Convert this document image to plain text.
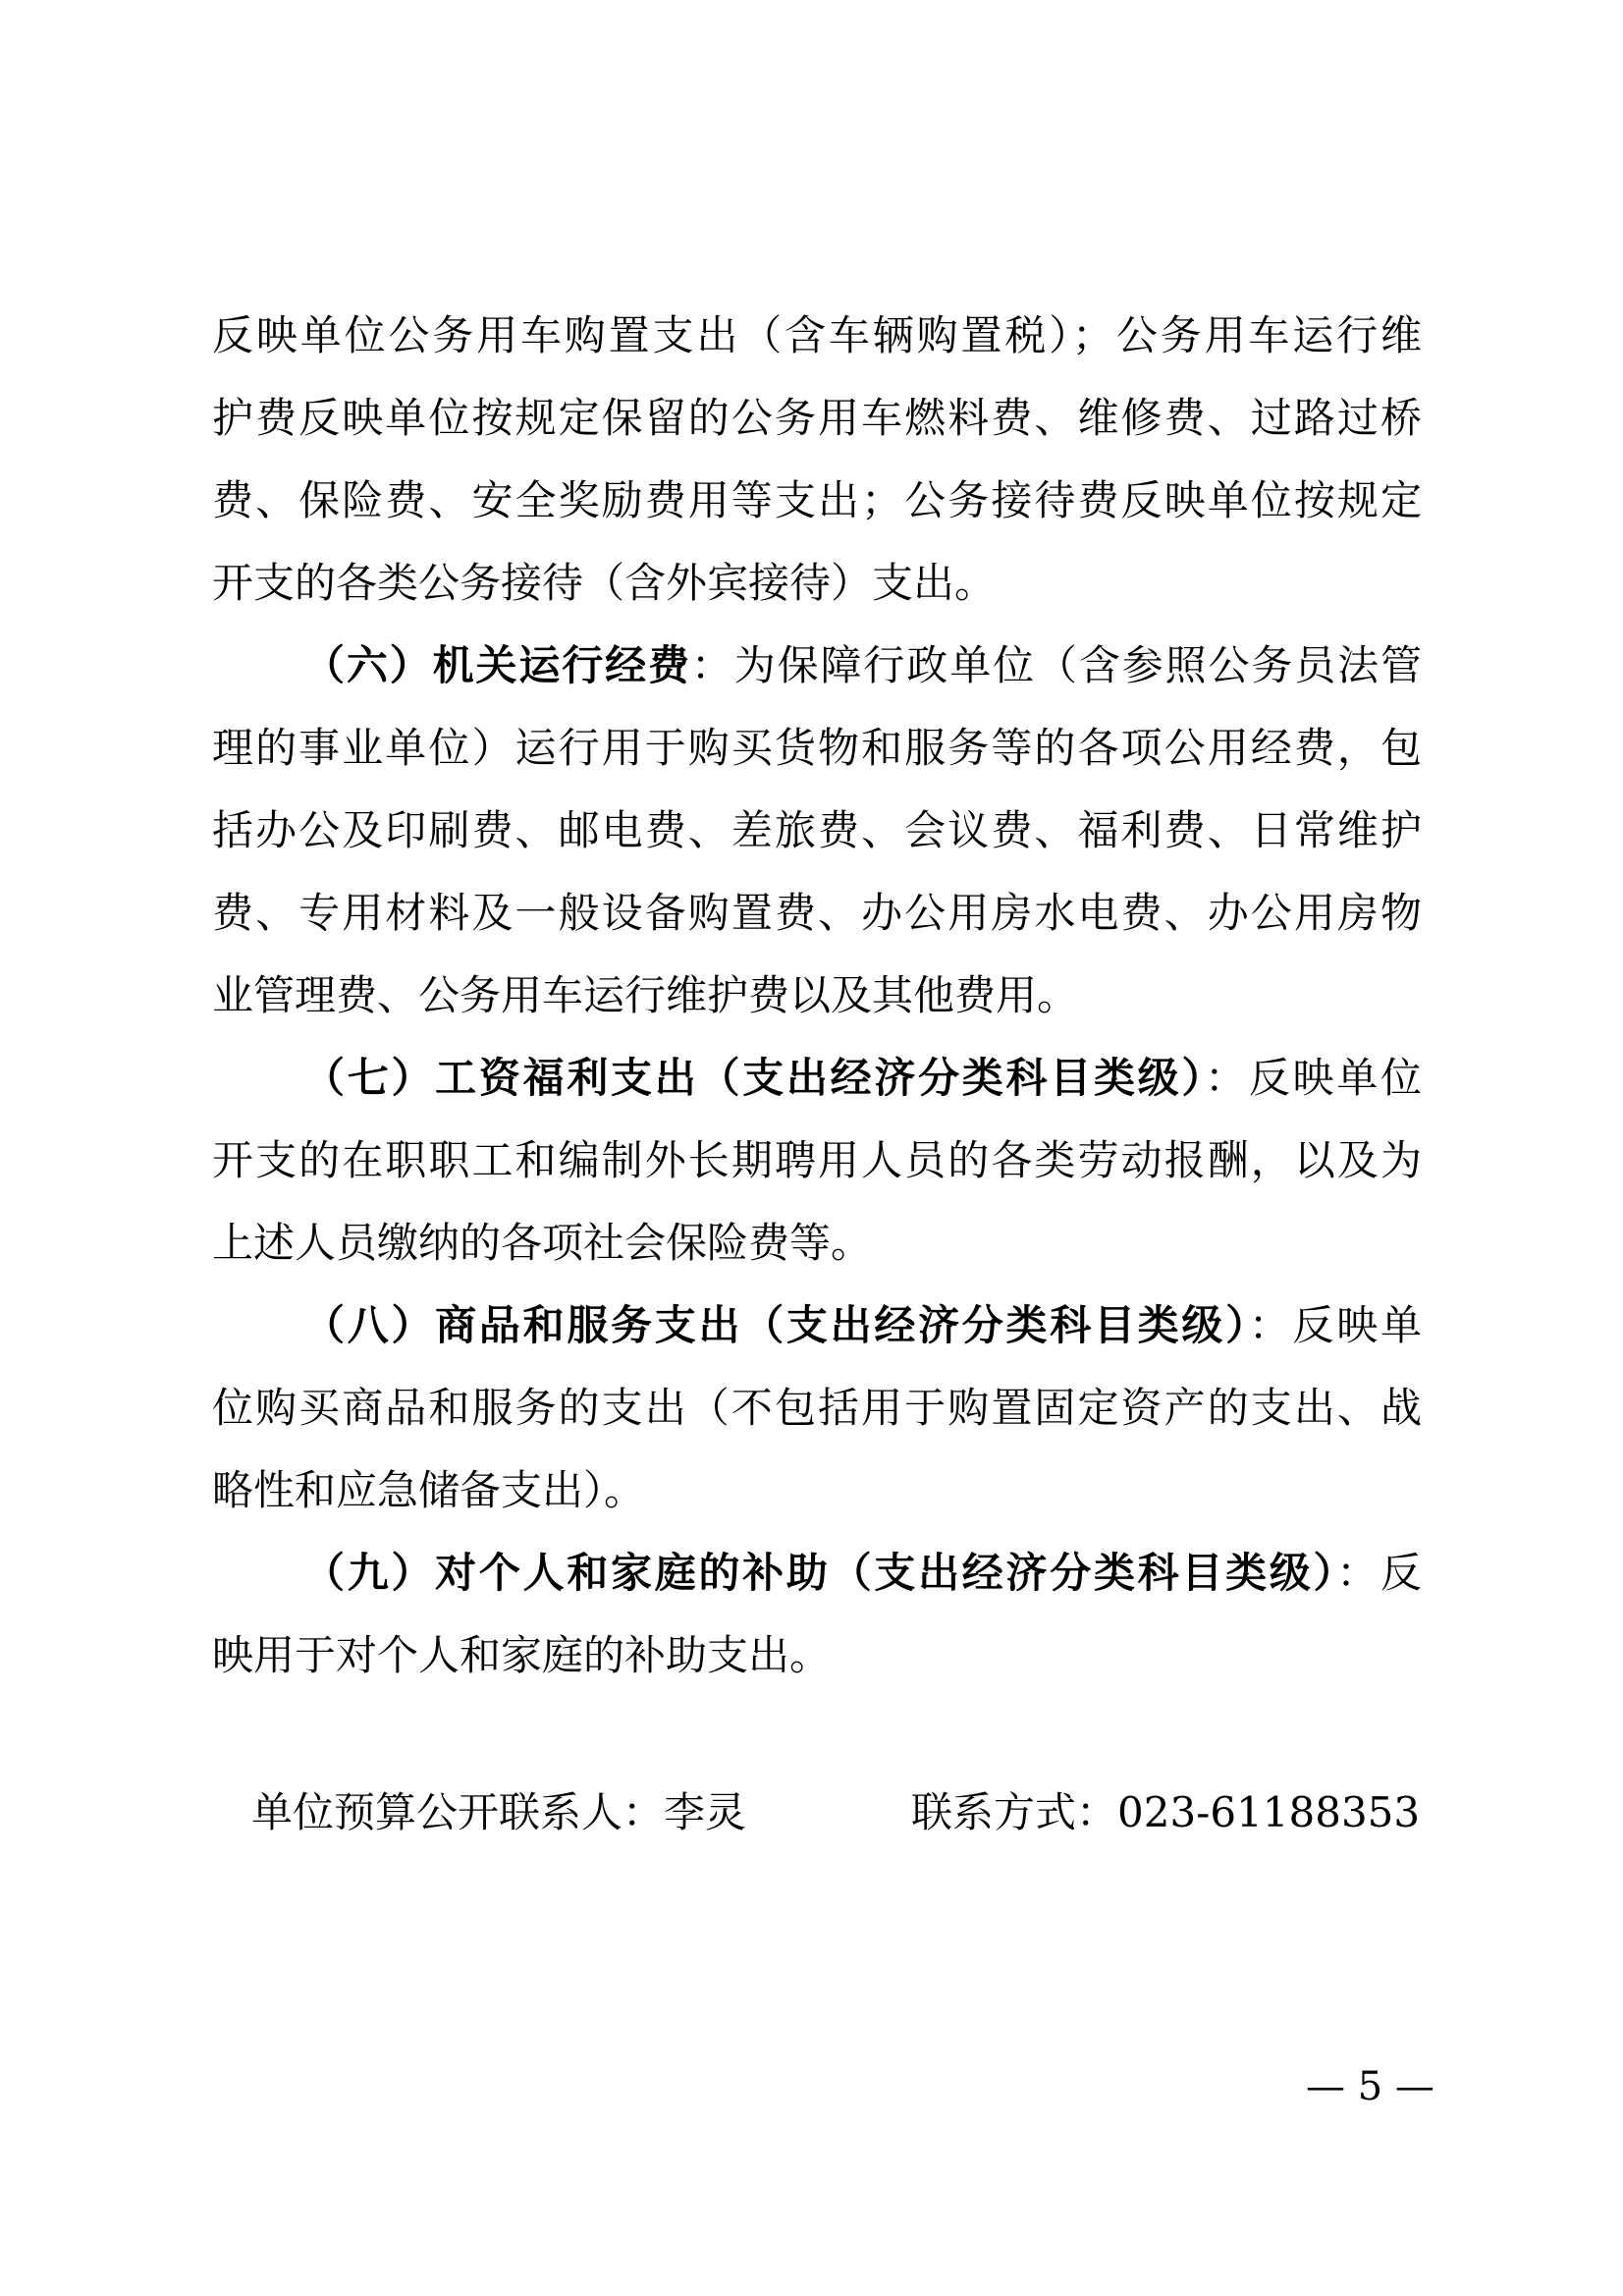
反映单位公务用车购置支出（含车辆购置税）；公务用车运行维
护费反映单位按规定保留的公务用车燃料费、维修费、过路过桥
费、保险费、安全奖励费用等支出；公务接待费反映单位按规定
开支的各类公务接待（含外宾接待）支出。
（六）机关运行经费：为保障行政单位（含参照公务员法管
理的事业单位）运行用于购买货物和服务等的各项公用经费，包
括办公及印刷费、邮电费、差旅费、会议费、福利费、日常维护
费、专用材料及一般设备购置费、办公用房水电费、办公用房物
业管理费、公务用车运行维护费以及其他费用。
（七）工资福利支出（支出经济分类科目类级）：反映单位
开支的在职职工和编制外长期聘用人员的各类劳动报酬，以及为
上述人员缴纳的各项社会保险费等。
（八）商品和服务支出（支出经济分类科目类级）：反映单
位购买商品和服务的支出（不包括用于购置固定资产的支出、战
略性和应急储备支出）。
（九）对个人和家庭的补助（支出经济分类科目类级）：反
映用于对个人和家庭的补助支出。
单位预算公开联系人：李灵	联系方式：023-61188353
— 5 —
